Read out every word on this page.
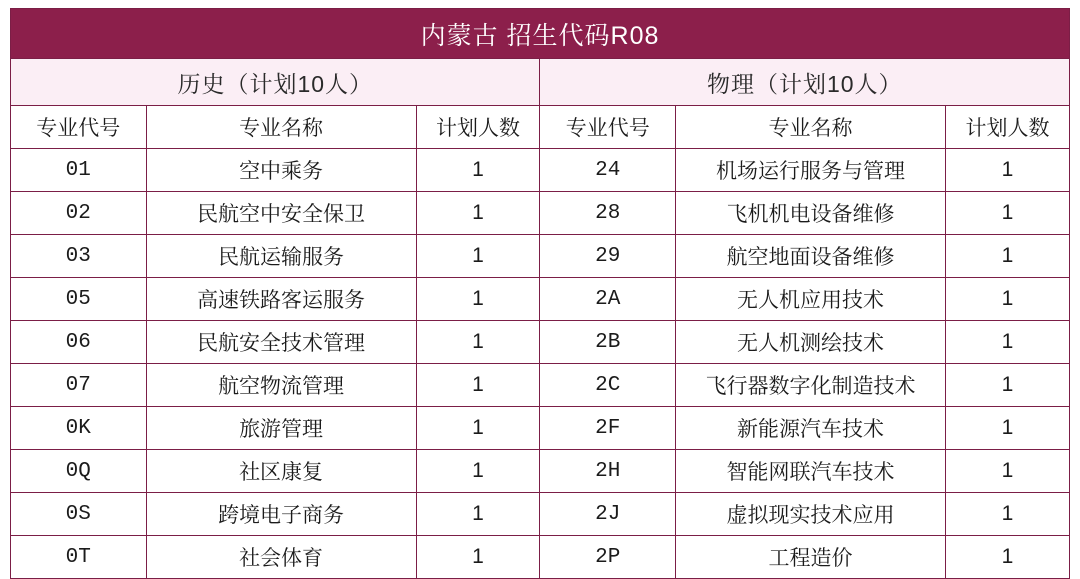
内蒙古 招生代码R08					
历史（计划10人）			物理（计划10人）		
专业代号	专业名称	计划人数	专业代号	专业名称	计划人数
01	空中乘务	1	24	机场运行服务与管理	1
02	民航空中安全保卫	1	28	飞机机电设备维修	1
03	民航运输服务	1	29	航空地面设备维修	1
05	高速铁路客运服务	1	2A	无人机应用技术	1
06	民航安全技术管理	1	2B	无人机测绘技术	1
07	航空物流管理	1	2C	飞行器数字化制造技术	1
0K	旅游管理	1	2F	新能源汽车技术	1
0Q	社区康复	1	2H	智能网联汽车技术	1
0S	跨境电子商务	1	2J	虚拟现实技术应用	1
0T	社会体育	1	2P	工程造价	1
